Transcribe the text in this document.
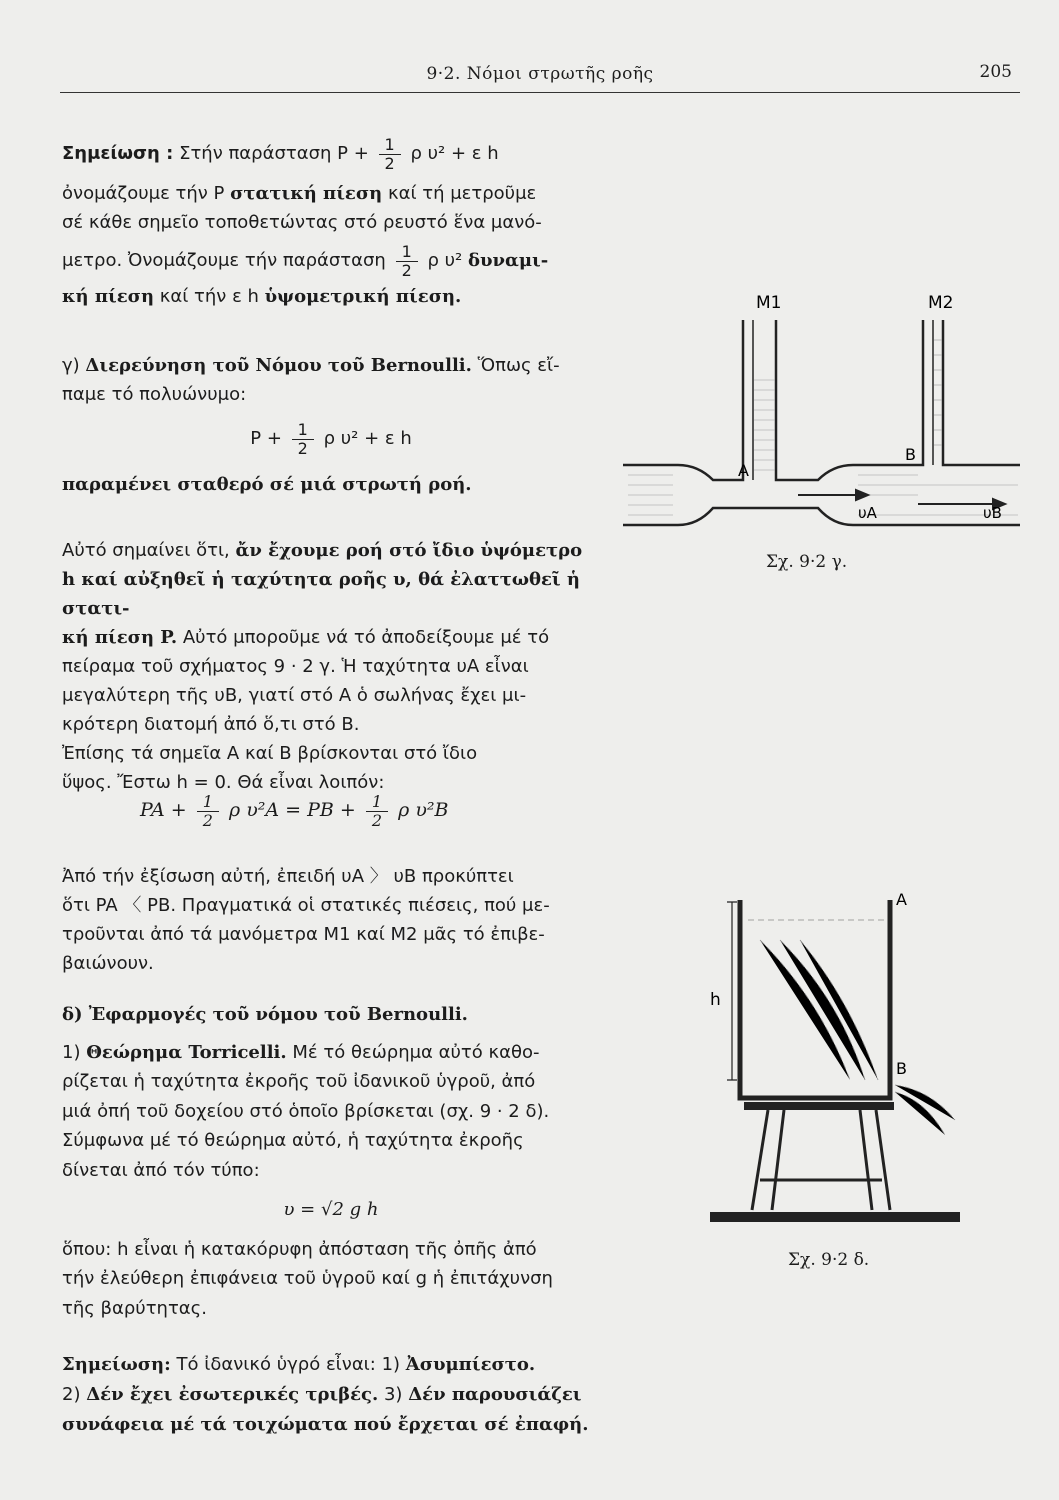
9·2. Νόμοι στρωτῆς ροῆς	205
Σημείωση : Στήν παράσταση $P + \frac{1}{2}$ ρ υ² + ε h
ὀνομάζουμε τήν P στατική πίεση καί τή μετροῦμε
σέ κάθε σημεῖο τοποθετώντας στό ρευστό ἕνα μανό-
μετρο. Ὀνομάζουμε τήν παράσταση $\frac{1}{2}$ ρ υ² δυναμι-
κή πίεση καί τήν ε h ὑψομετρική πίεση.
γ) Διερεύνηση τοῦ Νόμου τοῦ Bernoulli. Ὅπως εἴ-
παμε τό πολυώνυμο:
$P + \frac{1}{2}$ ρ υ² + ε h
παραμένει σταθερό σέ μιά στρωτή ροή.
Αὐτό σημαίνει ὅτι, ἄν ἔχουμε ροή στό ἴδιο ὑψόμετρο
h καί αὐξηθεῖ ἡ ταχύτητα ροῆς υ, θά ἐλαττωθεῖ ἡ στατι-
κή πίεση P. Αὐτό μποροῦμε νά τό ἀποδείξουμε μέ τό
πείραμα τοῦ σχήματος 9 · 2 γ. Ἡ ταχύτητα υA εἶναι
μεγαλύτερη τῆς υB, γιατί στό A ὁ σωλήνας ἔχει μι-
κρότερη διατομή ἀπό ὅ,τι στό B.
Ἐπίσης τά σημεῖα A καί B βρίσκονται στό ἴδιο
ὕψος. Ἔστω h = 0. Θά εἶναι λοιπόν:
PA + $\frac{1}{2}$ ρ υ²A = PB + $\frac{1}{2}$ ρ υ²B
Ἀπό τήν ἐξίσωση αὐτή, ἐπειδή υA 〉 υB προκύπτει
ὅτι PA 〈 PB. Πραγματικά οἱ στατικές πιέσεις, πού με-
τροῦνται ἀπό τά μανόμετρα M1 καί M2 μᾶς τό ἐπιβε-
βαιώνουν.
δ) Ἐφαρμογές τοῦ νόμου τοῦ Bernoulli.
1) Θεώρημα Torricelli. Μέ τό θεώρημα αὐτό καθο-
ρίζεται ἡ ταχύτητα ἐκροῆς τοῦ ἰδανικοῦ ὑγροῦ, ἀπό
μιά ὀπή τοῦ δοχείου στό ὁποῖο βρίσκεται (σχ. 9 · 2 δ).
Σύμφωνα μέ τό θεώρημα αὐτό, ἡ ταχύτητα ἐκροῆς
δίνεται ἀπό τόν τύπο:
υ = √2 g h
ὅπου: h εἶναι ἡ κατακόρυφη ἀπόσταση τῆς ὀπῆς ἀπό
τήν ἐλεύθερη ἐπιφάνεια τοῦ ὑγροῦ καί g ἡ ἐπιτάχυνση
τῆς βαρύτητας.
Σημείωση: Τό ἰδανικό ὑγρό εἶναι: 1) Ἀσυμπίεστο.
2) Δέν ἔχει ἐσωτερικές τριβές. 3) Δέν παρουσιάζει
συνάφεια μέ τά τοιχώματα πού ἔρχεται σέ ἐπαφή.
M1	M2
A
B
υA	υB
Σχ. 9·2 γ.
h
A
B
Σχ. 9·2 δ.
